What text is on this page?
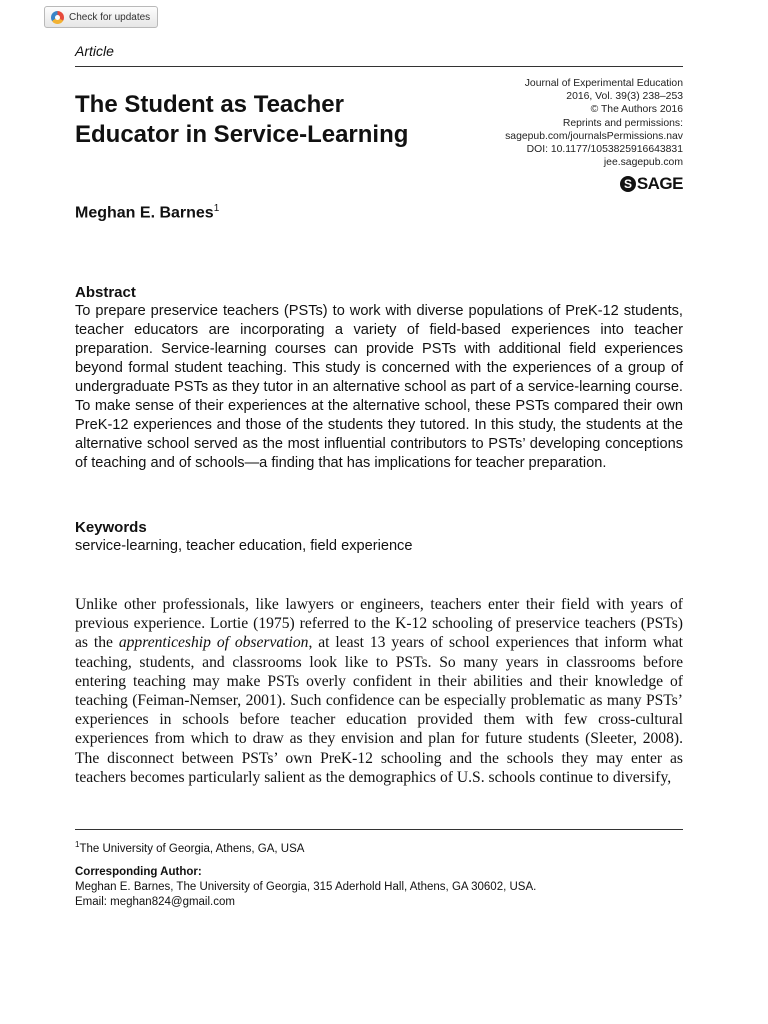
Check for updates
Article
Journal of Experimental Education
2016, Vol. 39(3) 238–253
© The Authors 2016
Reprints and permissions:
sagepub.com/journalsPermissions.nav
DOI: 10.1177/1053825916643831
jee.sagepub.com
S SAGE
The Student as Teacher
Educator in Service-Learning
Meghan E. Barnes$^1$
Abstract

To prepare preservice teachers (PSTs) to work with diverse populations of PreK-12 students, teacher educators are incorporating a variety of field-based experiences into teacher preparation. Service-learning courses can provide PSTs with additional field experiences beyond formal student teaching. This study is concerned with the experiences of a group of undergraduate PSTs as they tutor in an alternative school as part of a service-learning course. To make sense of their experiences at the alternative school, these PSTs compared their own PreK-12 experiences and those of the students they tutored. In this study, the students at the alternative school served as the most influential contributors to PSTs’ developing conceptions of teaching and of schools—a finding that has implications for teacher preparation.

Keywords
service-learning, teacher education, field experience

Unlike other professionals, like lawyers or engineers, teachers enter their field with years of previous experience. Lortie (1975) referred to the K-12 schooling of preservice teachers (PSTs) as the apprenticeship of observation, at least 13 years of school experiences that inform what teaching, students, and classrooms look like to PSTs. So many years in classrooms before entering teaching may make PSTs overly confident in their abilities and their knowledge of teaching (Feiman-Nemser, 2001). Such confidence can be especially problematic as many PSTs’ experiences in schools before teacher education provided them with few cross-cultural experiences from which to draw as they envision and plan for future students (Sleeter, 2008). The disconnect between PSTs’ own PreK-12 schooling and the schools they may enter as teachers becomes particularly salient as the demographics of U.S. schools continue to diversify,

$^1$The University of Georgia, Athens, GA, USA
Corresponding Author:
Meghan E. Barnes, The University of Georgia, 315 Aderhold Hall, Athens, GA 30602, USA.
Email: meghan824@gmail.com
